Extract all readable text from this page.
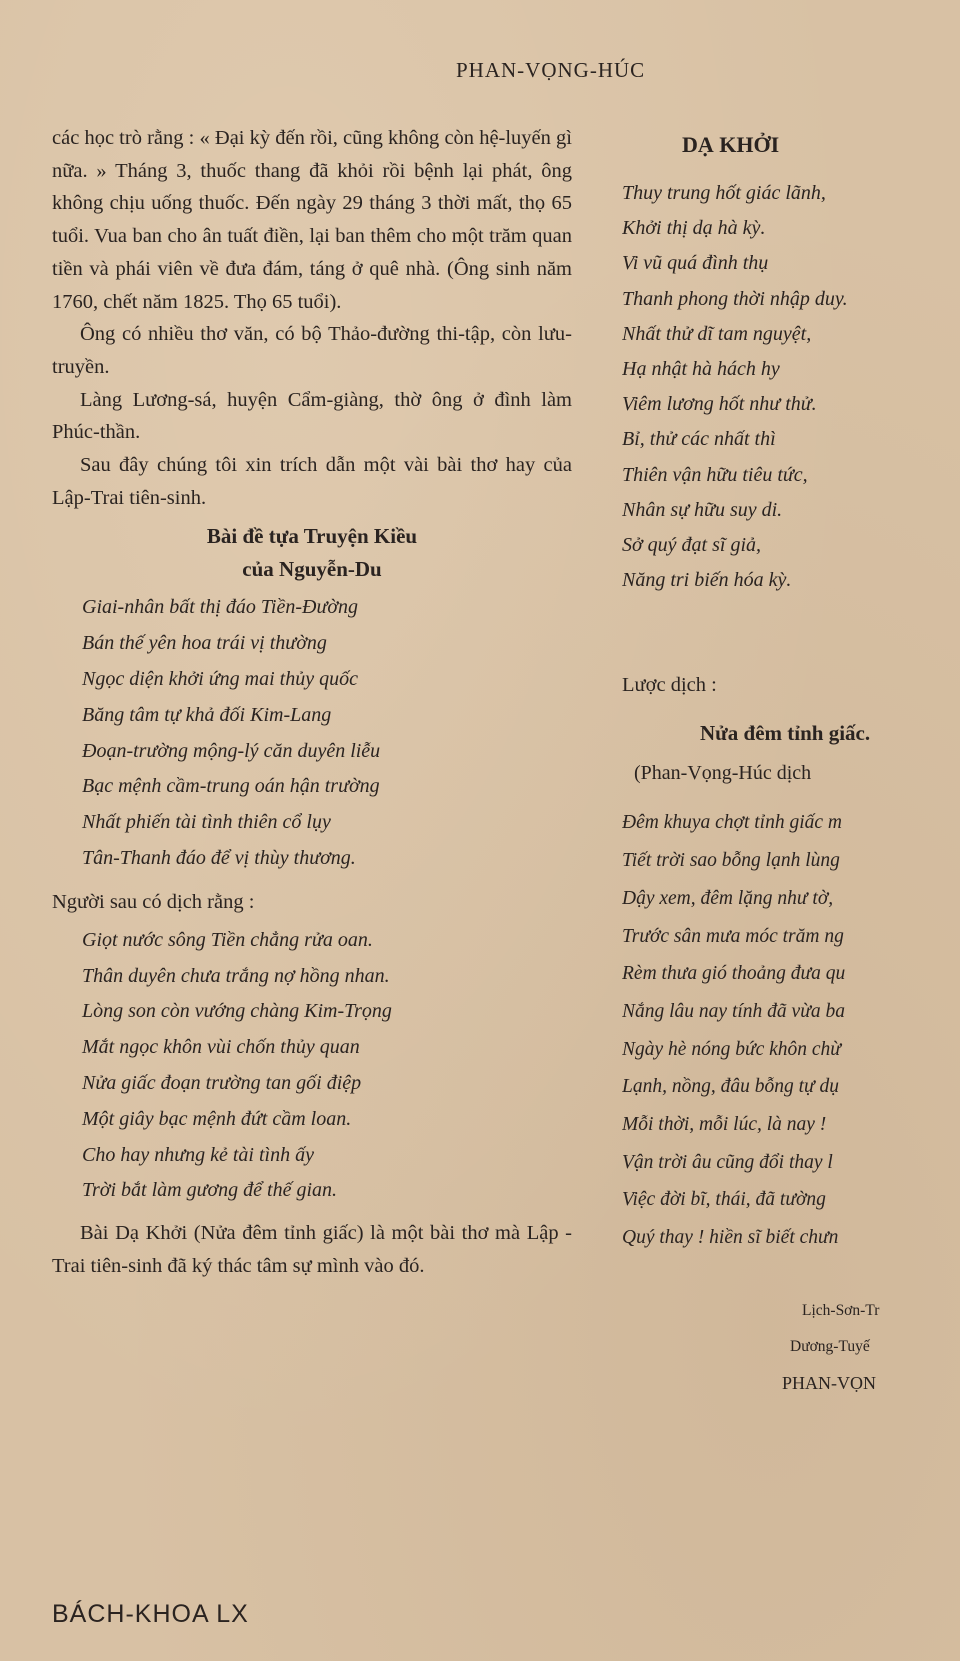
PHAN-VỌNG-HÚC

các học trò rằng : « Đại kỳ đến rồi, cũng không còn hệ-luyến gì nữa. » Tháng 3, thuốc thang đã khỏi rồi bệnh lại phát, ông không chịu uống thuốc. Đến ngày 29 tháng 3 thời mất, thọ 65 tuổi. Vua ban cho ân tuất điền, lại ban thêm cho một trăm quan tiền và phái viên về đưa đám, táng ở quê nhà. (Ông sinh năm 1760, chết năm 1825. Thọ 65 tuổi).

Ông có nhiều thơ văn, có bộ Thảo-đường thi-tập, còn lưu-truyền.

Làng Lương-sá, huyện Cẩm-giàng, thờ ông ở đình làm Phúc-thần.

Sau đây chúng tôi xin trích dẫn một vài bài thơ hay của Lập-Trai tiên-sinh.

Bài đề tựa Truyện Kiều
của Nguyễn-Du

Giai-nhân bất thị đáo Tiền-Đường

Bán thế yên hoa trái vị thường

Ngọc diện khởi ứng mai thủy quốc

Băng tâm tự khả đối Kim-Lang

Đoạn-trường mộng-lý căn duyên liễu

Bạc mệnh cầm-trung oán hận trường

Nhất phiến tài tình thiên cổ lụy

Tân-Thanh đáo để vị thùy thương.

Người sau có dịch rằng :

Giọt nước sông Tiền chẳng rửa oan.

Thân duyên chưa trắng nợ hồng nhan.

Lòng son còn vướng chàng Kim-Trọng

Mắt ngọc khôn vùi chốn thủy quan

Nửa giấc đoạn trường tan gối điệp

Một giây bạc mệnh đứt cầm loan.

Cho hay nhưng kẻ tài tình ấy

Trời bắt làm gương để thế gian.

Bài Dạ Khởi (Nửa đêm tỉnh giấc) là một bài thơ mà Lập - Trai tiên-sinh đã ký thác tâm sự mình vào đó.

DẠ KHỞI

Thuy trung hốt giác lãnh,

Khởi thị dạ hà kỳ.

Vi vũ quá đình thụ

Thanh phong thời nhập duy.

Nhất thử dĩ tam nguyệt,

Hạ nhật hà hách hy

Viêm lương hốt như thử.

Bỉ, thử các nhất thì

Thiên vận hữu tiêu tức,

Nhân sự hữu suy di.

Sở quý đạt sĩ giả,

Năng tri biến hóa kỳ.

Lược dịch :

Nửa đêm tỉnh giấc.

(Phan-Vọng-Húc dịch

Đêm khuya chợt tỉnh giấc m

Tiết trời sao bỗng lạnh lùng

Dậy xem, đêm lặng như tờ,

Trước sân mưa móc trăm ng

Rèm thưa gió thoảng đưa qu

Nắng lâu nay tính đã vừa ba

Ngày hè nóng bức khôn chừ

Lạnh, nồng, đâu bỗng tự dụ

Mỗi thời, mỗi lúc, là nay !

Vận trời âu cũng đổi thay l

Việc đời bĩ, thái, đã tường

Quý thay ! hiền sĩ biết chưn

Lịch-Sơn-Tr

Dương-Tuyế

PHAN-VỌN

BÁCH-KHOA LX
